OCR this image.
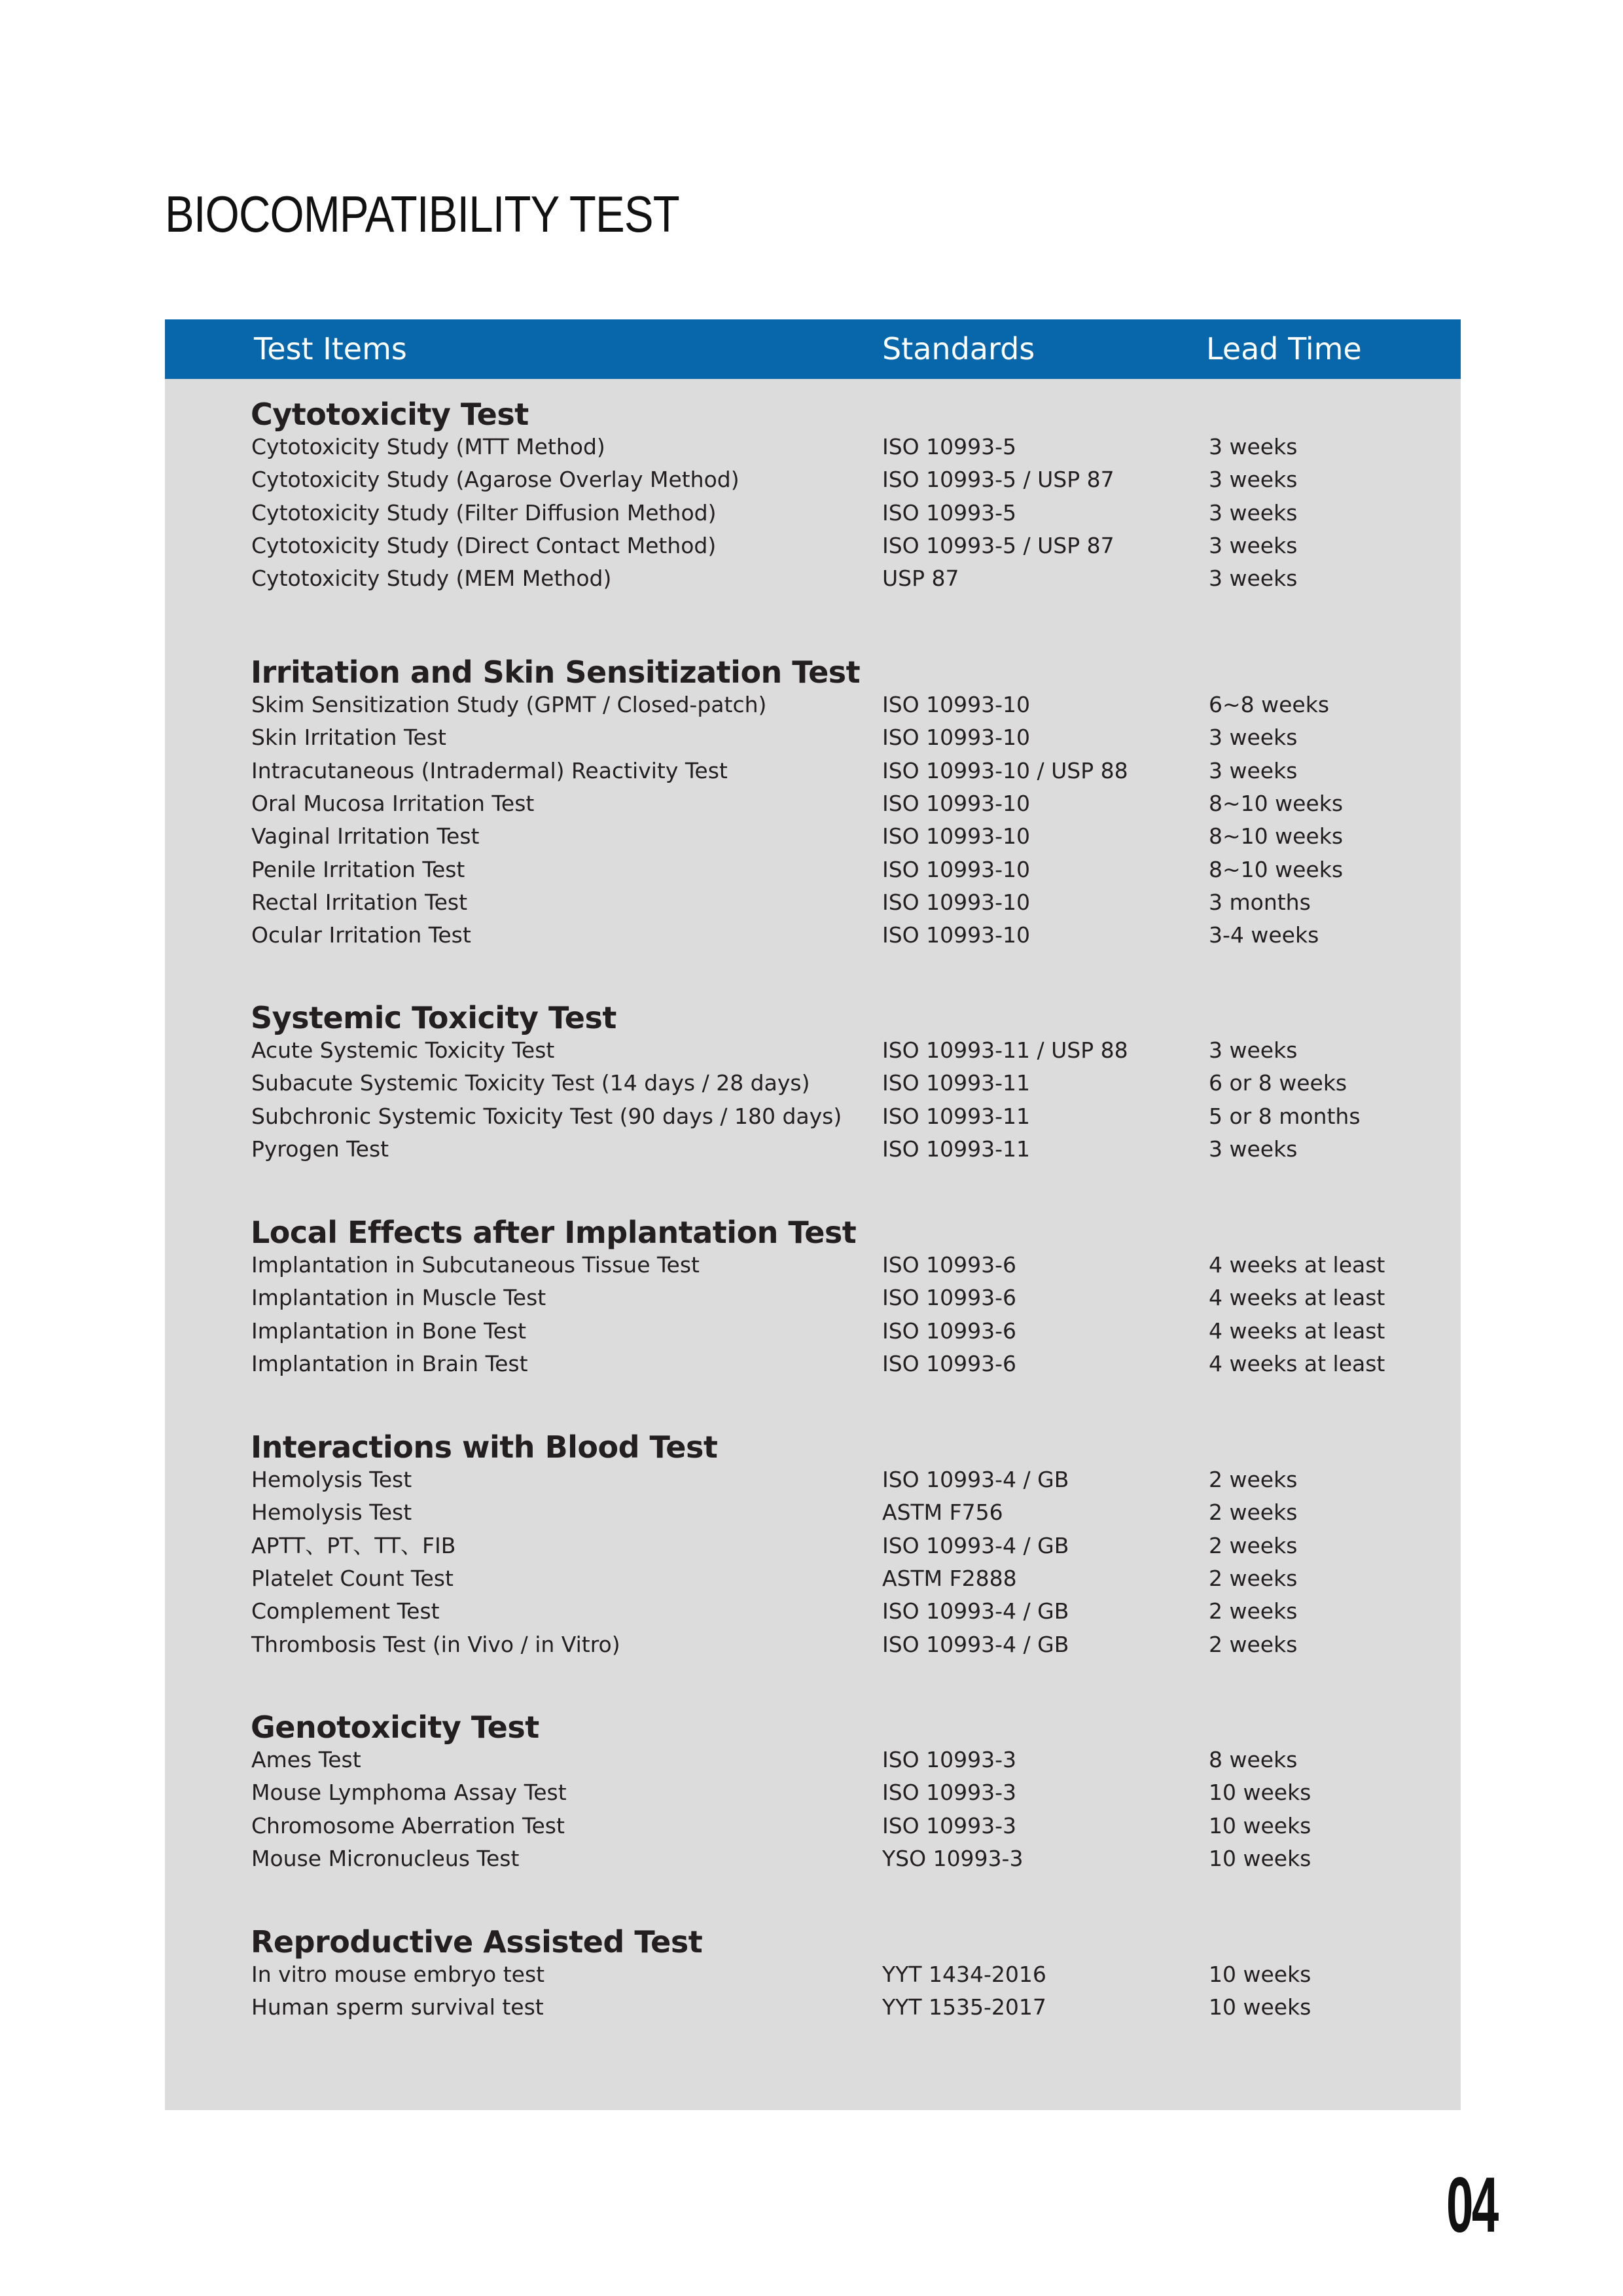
BIOCOMPATIBILITY TEST
Test Items	Standards	Lead Time
Cytotoxicity Test
Cytotoxicity Study (MTT Method)	ISO 10993-5	3 weeks
Cytotoxicity Study (Agarose Overlay Method)	ISO 10993-5 / USP 87	3 weeks
Cytotoxicity Study (Filter Diffusion Method)	ISO 10993-5	3 weeks
Cytotoxicity Study (Direct Contact Method)	ISO 10993-5 / USP 87	3 weeks
Cytotoxicity Study (MEM Method)	USP 87	3 weeks
Irritation and Skin Sensitization Test
Skim Sensitization Study (GPMT / Closed-patch)	ISO 10993-10	6~8 weeks
Skin Irritation Test	ISO 10993-10	3 weeks
Intracutaneous (Intradermal) Reactivity Test	ISO 10993-10 / USP 88	3 weeks
Oral Mucosa Irritation Test	ISO 10993-10	8~10 weeks
Vaginal Irritation Test	ISO 10993-10	8~10 weeks
Penile Irritation Test	ISO 10993-10	8~10 weeks
Rectal Irritation Test	ISO 10993-10	3 months
Ocular Irritation Test	ISO 10993-10	3-4 weeks
Systemic Toxicity Test
Acute Systemic Toxicity Test	ISO 10993-11 / USP 88	3 weeks
Subacute Systemic Toxicity Test (14 days / 28 days)	ISO 10993-11	6 or 8 weeks
Subchronic Systemic Toxicity Test (90 days / 180 days) ISO 10993-11	5 or 8 months
Pyrogen Test	ISO 10993-11	3 weeks
Local Effects after Implantation Test
Implantation in Subcutaneous Tissue Test	ISO 10993-6	4 weeks at least
Implantation in Muscle Test	ISO 10993-6	4 weeks at least
Implantation in Bone Test	ISO 10993-6	4 weeks at least
Implantation in Brain Test	ISO 10993-6	4 weeks at least
Interactions with Blood Test
Hemolysis Test	ISO 10993-4 / GB	2 weeks
Hemolysis Test	ASTM F756	2 weeks
APTT、PT、TT、FIB	ISO 10993-4 / GB	2 weeks
Platelet Count Test	ASTM F2888	2 weeks
Complement Test	ISO 10993-4 / GB	2 weeks
Thrombosis Test (in Vivo / in Vitro)	ISO 10993-4 / GB	2 weeks
Genotoxicity Test
Ames Test	ISO 10993-3	8 weeks
Mouse Lymphoma Assay Test	ISO 10993-3	10 weeks
Chromosome Aberration Test	ISO 10993-3	10 weeks
Mouse Micronucleus Test	YSO 10993-3	10 weeks
Reproductive Assisted Test
In vitro mouse embryo test	YYT 1434-2016	10 weeks
Human sperm survival test	YYT 1535-2017	10 weeks
04
